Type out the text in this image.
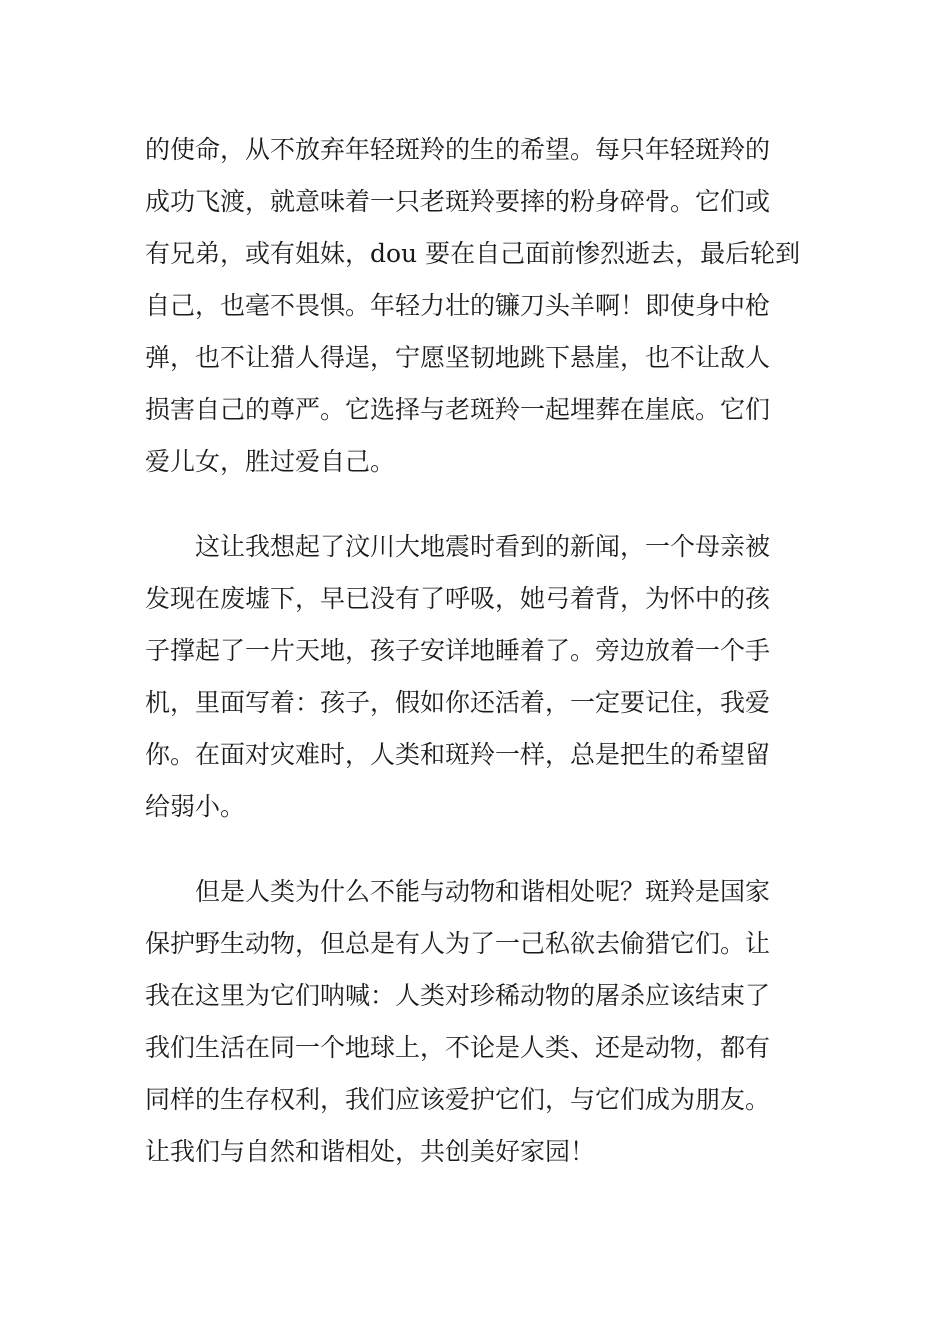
的使命，从不放弃年轻斑羚的生的希望。每只年轻斑羚的
成功飞渡，就意味着一只老斑羚要摔的粉身碎骨。它们或
有兄弟，或有姐妹，dou 要在自己面前惨烈逝去，最后轮到
自己，也毫不畏惧。年轻力壮的镰刀头羊啊！即使身中枪
弹，也不让猎人得逞，宁愿坚韧地跳下悬崖，也不让敌人
损害自己的尊严。它选择与老斑羚一起埋葬在崖底。它们
爱儿女，胜过爱自己。

　　这让我想起了汶川大地震时看到的新闻，一个母亲被
发现在废墟下，早已没有了呼吸，她弓着背，为怀中的孩
子撑起了一片天地，孩子安详地睡着了。旁边放着一个手
机，里面写着：孩子，假如你还活着，一定要记住，我爱
你。在面对灾难时，人类和斑羚一样，总是把生的希望留
给弱小。

　　但是人类为什么不能与动物和谐相处呢？斑羚是国家
保护野生动物，但总是有人为了一己私欲去偷猎它们。让
我在这里为它们呐喊：人类对珍稀动物的屠杀应该结束了
我们生活在同一个地球上，不论是人类、还是动物，都有
同样的生存权利，我们应该爱护它们，与它们成为朋友。
让我们与自然和谐相处，共创美好家园！
